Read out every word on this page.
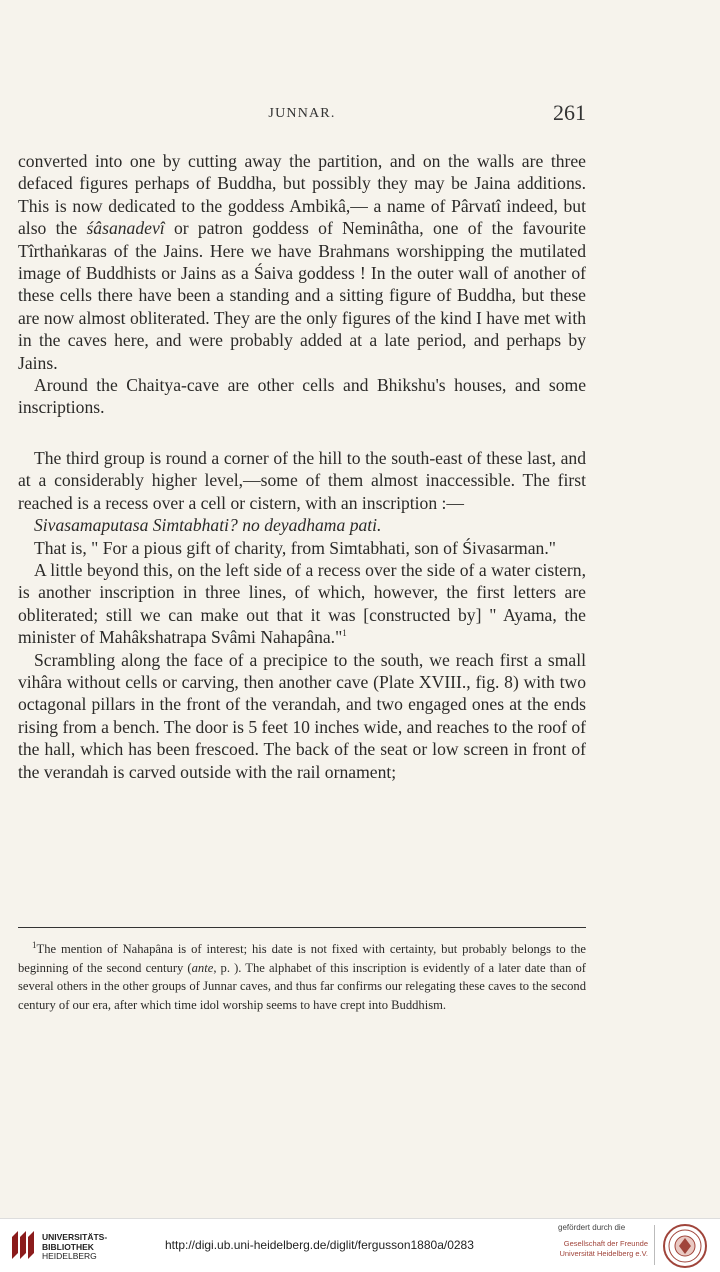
JUNNAR.	261

converted into one by cutting away the partition, and on the walls are three defaced figures perhaps of Buddha, but possibly they may be Jaina additions. This is now dedicated to the goddess Ambikâ,— a name of Pârvatî indeed, but also the śâsanadevî or patron goddess of Neminâtha, one of the favourite Tîrthaṅkaras of the Jains. Here we have Brahmans worshipping the mutilated image of Buddhists or Jains as a Śaiva goddess ! In the outer wall of another of these cells there have been a standing and a sitting figure of Buddha, but these are now almost obliterated. They are the only figures of the kind I have met with in the caves here, and were probably added at a late period, and perhaps by Jains.

Around the Chaitya-cave are other cells and Bhikshu's houses, and some inscriptions.

The third group is round a corner of the hill to the south-east of these last, and at a considerably higher level,—some of them almost inaccessible. The first reached is a recess over a cell or cistern, with an inscription :—

Sivasamaputasa Simtabhati? no deyadhama pati.

That is, " For a pious gift of charity, from Simtabhati, son of Śivasarman."

A little beyond this, on the left side of a recess over the side of a water cistern, is another inscription in three lines, of which, however, the first letters are obliterated; still we can make out that it was [constructed by] " Ayama, the minister of Mahâkshatrapa Svâmi Nahapâna."$^1$

Scrambling along the face of a precipice to the south, we reach first a small vihâra without cells or carving, then another cave (Plate XVIII., fig. 8) with two octagonal pillars in the front of the verandah, and two engaged ones at the ends rising from a bench. The door is 5 feet 10 inches wide, and reaches to the roof of the hall, which has been frescoed. The back of the seat or low screen in front of the verandah is carved outside with the rail ornament;

$^1$The mention of Nahapâna is of interest; his date is not fixed with certainty, but probably belongs to the beginning of the second century (ante, p. ). The alphabet of this inscription is evidently of a later date than of several others in the other groups of Junnar caves, and thus far confirms our relegating these caves to the second century of our era, after which time idol worship seems to have crept into Buddhism.

UNIVERSITÄTS-
BIBLIOTHEK
HEIDELBERG
http://digi.ub.uni-heidelberg.de/diglit/fergusson1880a/0283
gefördert durch die
Gesellschaft der Freunde
Universität Heidelberg e.V.
